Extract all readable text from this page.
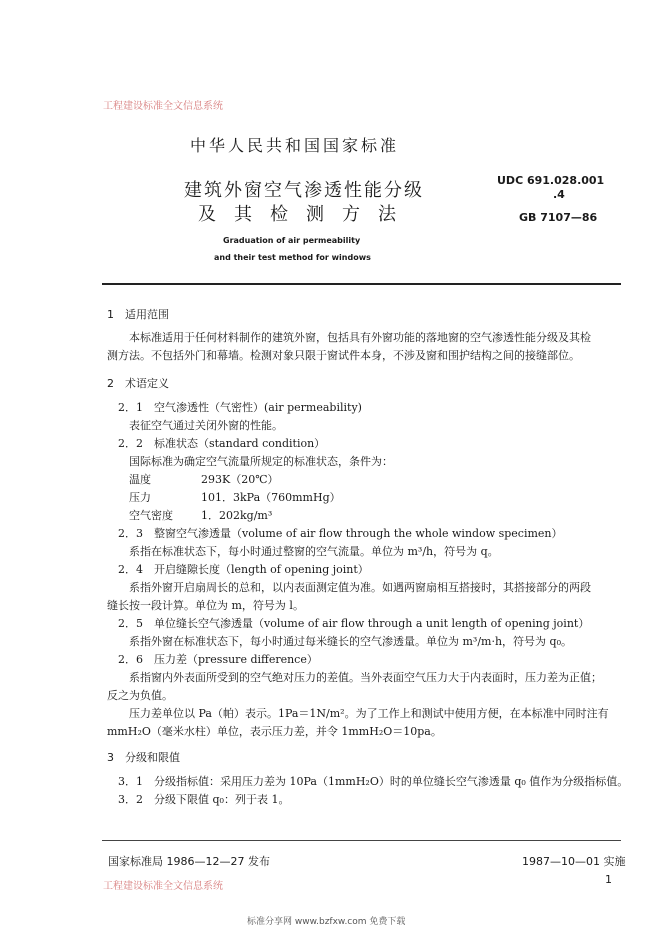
工程建设标准全文信息系统
中华人民共和国国家标准
建筑外窗空气渗透性能分级
及其检测方法
Graduation of air permeability
and their test method for windows
UDC 691.028.001
.4
GB 7107—86
1　适用范围
本标准适用于任何材料制作的建筑外窗，包括具有外窗功能的落地窗的空气渗透性能分级及其检
测方法。不包括外门和幕墙。检测对象只限于窗试件本身，不涉及窗和围护结构之间的接缝部位。
2　术语定义
2．1　空气渗透性（气密性）(air permeability)
表征空气通过关闭外窗的性能。
2．2　标准状态（standard condition）
国际标准为确定空气流量所规定的标准状态，条件为：
温度	293K（20℃）
压力	101．3kPa（760mmHg）
空气密度	1．202kg/m³
2．3　整窗空气渗透量（volume of air flow through the whole window specimen）
系指在标准状态下，每小时通过整窗的空气流量。单位为 m³/h，符号为 q。
2．4　开启缝隙长度（length of opening joint）
系指外窗开启扇周长的总和，以内表面测定值为准。如遇两窗扇相互搭接时，其搭接部分的两段
缝长按一段计算。单位为 m，符号为 l。
2．5　单位缝长空气渗透量（volume of air flow through a unit length of opening joint）
系指外窗在标准状态下，每小时通过每米缝长的空气渗透量。单位为 m³/m·h，符号为 q₀。
2．6　压力差（pressure difference）
系指窗内外表面所受到的空气绝对压力的差值。当外表面空气压力大于内表面时，压力差为正值；
反之为负值。
压力差单位以 Pa（帕）表示。1Pa＝1N/m²。为了工作上和测试中使用方便，在本标准中同时注有
mmH₂O（毫米水柱）单位，表示压力差，并令 1mmH₂O＝10pa。
3　分级和限值
3．1　分级指标值：采用压力差为 10Pa（1mmH₂O）时的单位缝长空气渗透量 q₀ 值作为分级指标值。
3．2　分级下限值 q₀：列于表 1。
国家标准局 1986—12—27 发布	1987—10—01 实施
工程建设标准全文信息系统
1
标准分享网 www.bzfxw.com 免费下载
